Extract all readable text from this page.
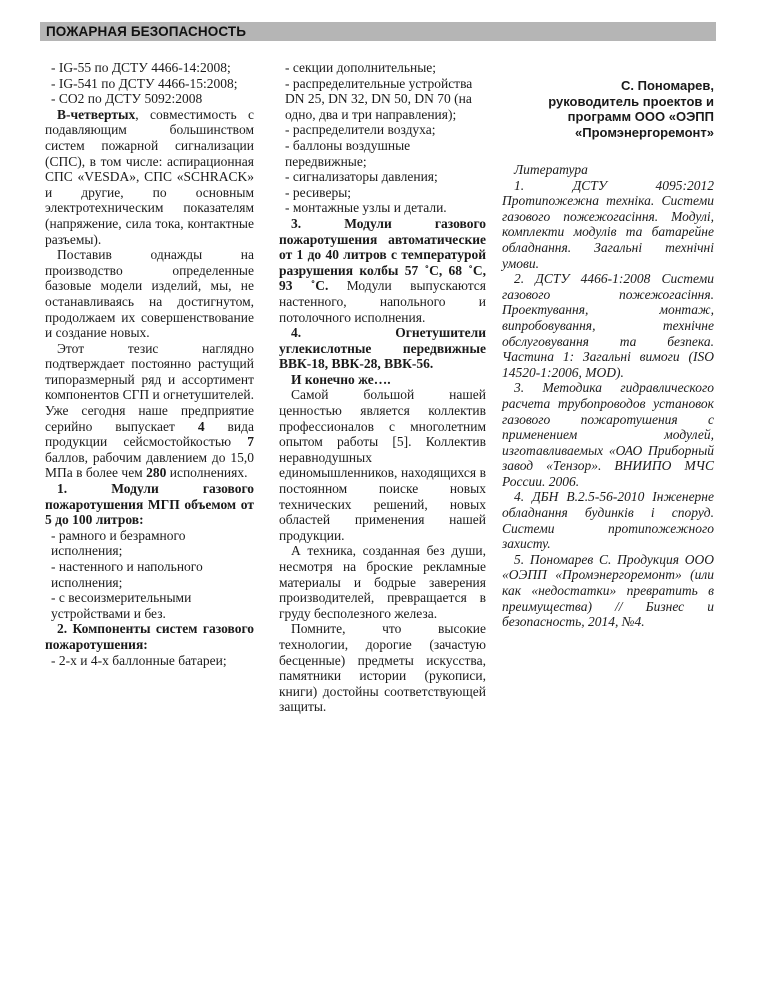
ПОЖАРНАЯ БЕЗОПАСНОСТЬ

- IG-55 по ДСТУ 4466-14:2008;

- IG-541 по ДСТУ 4466-15:2008;

- СО2 по ДСТУ 5092:2008

В-четвертых, совместимость с подавляющим большинством систем пожарной сигнализации (СПС), в том числе: аспирационная СПС «VESDA», СПС «SCHRACK» и другие, по основным электротехническим показателям (напряжение, сила тока, контактные разъемы).

Поставив однажды на производство определенные базовые модели изделий, мы, не останавливаясь на достигнутом, продолжаем их совершенствование и создание новых.

Этот тезис наглядно подтверждает постоянно растущий типоразмерный ряд и ассортимент компонентов СГП и огнетушителей. Уже сегодня наше предприятие серийно выпускает 4 вида продукции сейсмостойкостью 7 баллов, рабочим давлением до 15,0 МПа в более чем 280 исполнениях.

1. Модули газового пожаротушения МГП объемом от 5 до 100 литров:

- рамного и безрамного исполнения;

- настенного и напольного исполнения;

- с весоизмерительными устройствами и без.

2. Компоненты систем газового пожаротушения:

- 2-х и 4-х баллонные батареи;

- секции дополнительные;

- распределительные устройства DN 25, DN 32, DN 50, DN 70 (на одно, два и три направления);

- распределители воздуха;

- баллоны воздушные передвижные;

- сигнализаторы давления;

- ресиверы;

- монтажные узлы и детали.

3. Модули газового пожаротушения автоматические от 1 до 40 литров с температурой разрушения колбы 57 ˚С, 68 ˚С, 93 ˚С. Модули выпускаются настенного, напольного и потолочного исполнения.

4. Огнетушители углекислотные передвижные ВВК-18, ВВК-28, ВВК-56.

И конечно же….

Самой большой нашей ценностью является коллектив профессионалов с многолетним опытом работы [5]. Коллектив неравнодушных единомышленников, находящихся в постоянном поиске новых технических решений, новых областей применения нашей продукции.

А техника, созданная без души, несмотря на броские рекламные материалы и бодрые заверения производителей, превращается в груду бесполезного железа.

Помните, что высокие технологии, дорогие (зачастую бесценные) предметы искусства, памятники истории (рукописи, книги) достойны соответствующей защиты.

С. Пономарев,
руководитель проектов и программ ООО «ОЭПП «Промэнергоремонт»

Литература

1. ДСТУ 4095:2012 Протипожежна техніка. Системи газового пожежогасіння. Модулі, комплекти модулів та батарейне обладнання. Загальні технічні умови.

2. ДСТУ 4466-1:2008 Системи газового пожежогасіння. Проектування, монтаж, випробовування, технічне обслуговування та безпека. Частина 1: Загальні вимоги (ISO 14520-1:2006, MOD).

3. Методика гидравлического расчета трубопроводов установок газового пожаротушения с применением модулей, изготавливаемых «ОАО Приборный завод «Тензор». ВНИИПО МЧС России. 2006.

4. ДБН В.2.5-56-2010 Інженерне обладнання будинків і споруд. Системи протипожежного захисту.

5. Пономарев С. Продукция ООО «ОЭПП «Промэнергоремонт» (или как «недостатки» превратить в преимущества) // Бизнес и безопасность, 2014, №4.
